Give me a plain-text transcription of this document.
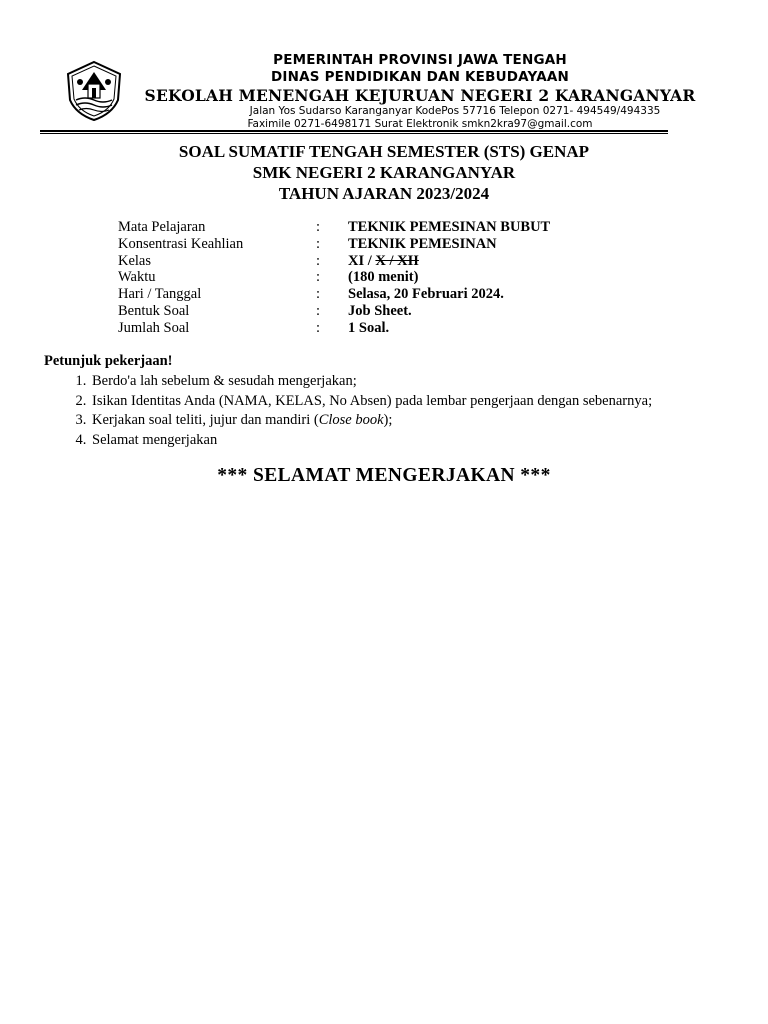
PEMERINTAH PROVINSI JAWA TENGAH
DINAS PENDIDIKAN DAN KEBUDAYAAN
SEKOLAH MENENGAH KEJURUAN NEGERI 2 KARANGANYAR
Jalan Yos Sudarso Karanganyar KodePos 57716 Telepon 0271- 494549/494335
Faximile 0271-6498171 Surat Elektronik smkn2kra97@gmail.com
SOAL SUMATIF TENGAH SEMESTER (STS) GENAP
SMK NEGERI 2 KARANGANYAR
TAHUN AJARAN 2023/2024
Mata Pelajaran	:	TEKNIK PEMESINAN BUBUT
Konsentrasi Keahlian	:	TEKNIK PEMESINAN
Kelas	:	XI / X / XII
Waktu	:	(180 menit)
Hari / Tanggal	:	Selasa, 20 Februari 2024.
Bentuk Soal	:	Job Sheet.
Jumlah Soal	:	1 Soal.
Petunjuk pekerjaan!
1. Berdo'a lah sebelum & sesudah mengerjakan;
2. Isikan Identitas Anda (NAMA, KELAS, No Absen) pada lembar pengerjaan dengan sebenarnya;
3. Kerjakan soal teliti, jujur dan mandiri (Close book);
4. Selamat mengerjakan
*** SELAMAT MENGERJAKAN ***
